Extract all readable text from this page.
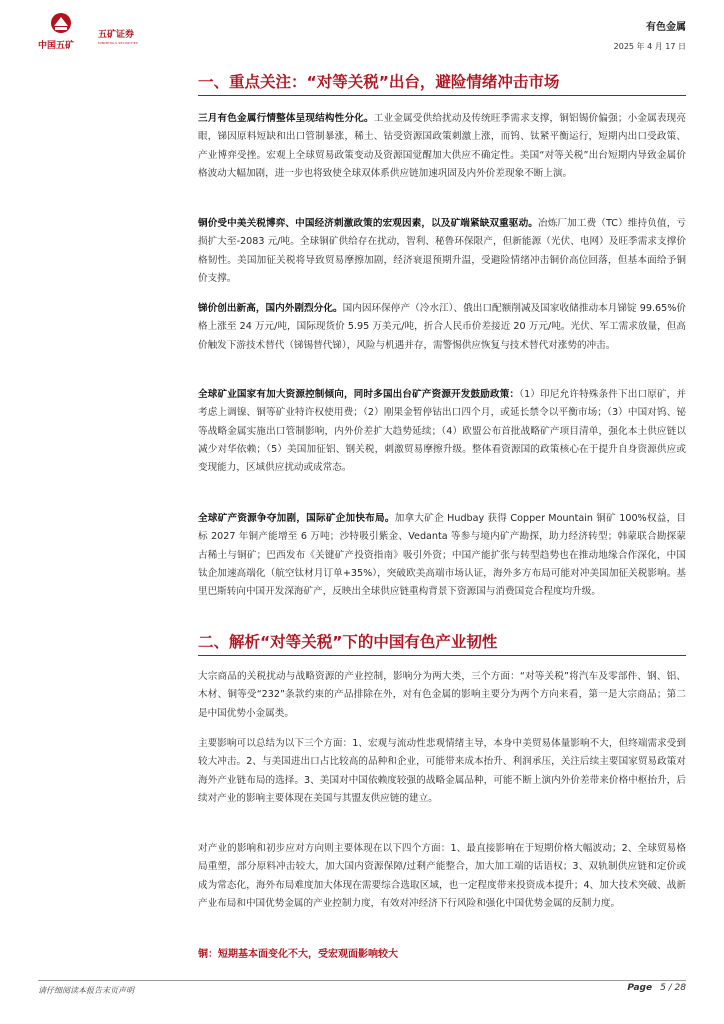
中国五矿
五矿证券
MINMETALS SECURITIES
有色金属
2025 年 4 月 17 日
一、重点关注：“对等关税”出台，避险情绪冲击市场
三月有色金属行情整体呈现结构性分化。工业金属受供给扰动及传统旺季需求支撑，铜铝锡价偏强；小金属表现亮眼，锑因原料短缺和出口管制暴涨，稀土、钴受资源国政策刺激上涨，而钨、钛紧平衡运行，短期内出口受政策、产业博弈受挫。宏观上全球贸易政策变动及资源国觉醒加大供应不确定性。美国“对等关税”出台短期内导致金属价格波动大幅加剧，进一步也将致使全球双体系供应链加速巩固及内外价差现象不断上演。
铜价受中美关税博弈、中国经济刺激政策的宏观因素，以及矿端紧缺双重驱动。冶炼厂加工费（TC）维持负值，亏损扩大至-2083 元/吨。全球铜矿供给存在扰动，智利、秘鲁环保限产，但新能源（光伏、电网）及旺季需求支撑价格韧性。美国加征关税将导致贸易摩擦加剧，经济衰退预期升温，受避险情绪冲击铜价高位回落，但基本面给予铜价支撑。
锑价创出新高，国内外剧烈分化。国内因环保停产（冷水江）、俄出口配额削减及国家收储推动本月锑锭 99.65%价格上涨至 24 万元/吨，国际现货价 5.95 万美元/吨，折合人民币价差接近 20 万元/吨。光伏、军工需求放量，但高价触发下游技术替代（锑锡替代锑），风险与机遇并存，需警惕供应恢复与技术替代对涨势的冲击。
全球矿业国家有加大资源控制倾向，同时多国出台矿产资源开发鼓励政策：（1）印尼允许特殊条件下出口原矿，并考虑上调镍、铜等矿业特许权使用费；（2）刚果金暂停钴出口四个月，或延长禁令以平衡市场；（3）中国对钨、铋等战略金属实施出口管制影响，内外价差扩大趋势延续；（4）欧盟公布首批战略矿产项目清单，强化本土供应链以减少对华依赖；（5）美国加征铝、钢关税，刺激贸易摩擦升级。整体看资源国的政策核心在于提升自身资源供应或变现能力，区域供应扰动或成常态。
全球矿产资源争夺加剧，国际矿企加快布局。加拿大矿企 Hudbay 获得 Copper Mountain 铜矿 100%权益，目标 2027 年铜产能增至 6 万吨；沙特吸引紫金、Vedanta 等参与境内矿产勘探，助力经济转型；韩蒙联合勘探蒙古稀土与铜矿；巴西发布《关键矿产投资指南》吸引外资；中国产能扩张与转型趋势也在推动地缘合作深化，中国钛企加速高端化（航空钛材月订单+35%），突破欧美高端市场认证，海外多方布局可能对冲美国加征关税影响。基里巴斯转向中国开发深海矿产，反映出全球供应链重构背景下资源国与消费国竞合程度均升级。
二、解析“对等关税”下的中国有色产业韧性
大宗商品的关税扰动与战略资源的产业控制，影响分为两大类，三个方面：“对等关税”将汽车及零部件、钢、铝、木材、铜等受“232”条款约束的产品排除在外，对有色金属的影响主要分为两个方向来看，第一是大宗商品；第二是中国优势小金属类。
主要影响可以总结为以下三个方面：1、宏观与流动性悲观情绪主导，本身中美贸易体量影响不大，但终端需求受到较大冲击。2、与美国进出口占比较高的品种和企业，可能带来成本抬升、利润承压，关注后续主要国家贸易政策对海外产业链布局的选择。3、美国对中国依赖度较强的战略金属品种，可能不断上演内外价差带来价格中枢抬升，后续对产业的影响主要体现在美国与其盟友供应链的建立。
对产业的影响和初步应对方向则主要体现在以下四个方面：1、最直接影响在于短期价格大幅波动；2、全球贸易格局重塑，部分原料冲击较大，加大国内资源保障/过剩产能整合，加大加工端的话语权；3、双轨制供应链和定价或成为常态化，海外布局难度加大体现在需要综合选取区域，也一定程度带来投资成本提升；4、加大技术突破、战新产业布局和中国优势金属的产业控制力度，有效对冲经济下行风险和强化中国优势金属的反制力度。
铜：短期基本面变化不大，受宏观面影响较大
请仔细阅读本报告末页声明	Page 5 / 28
